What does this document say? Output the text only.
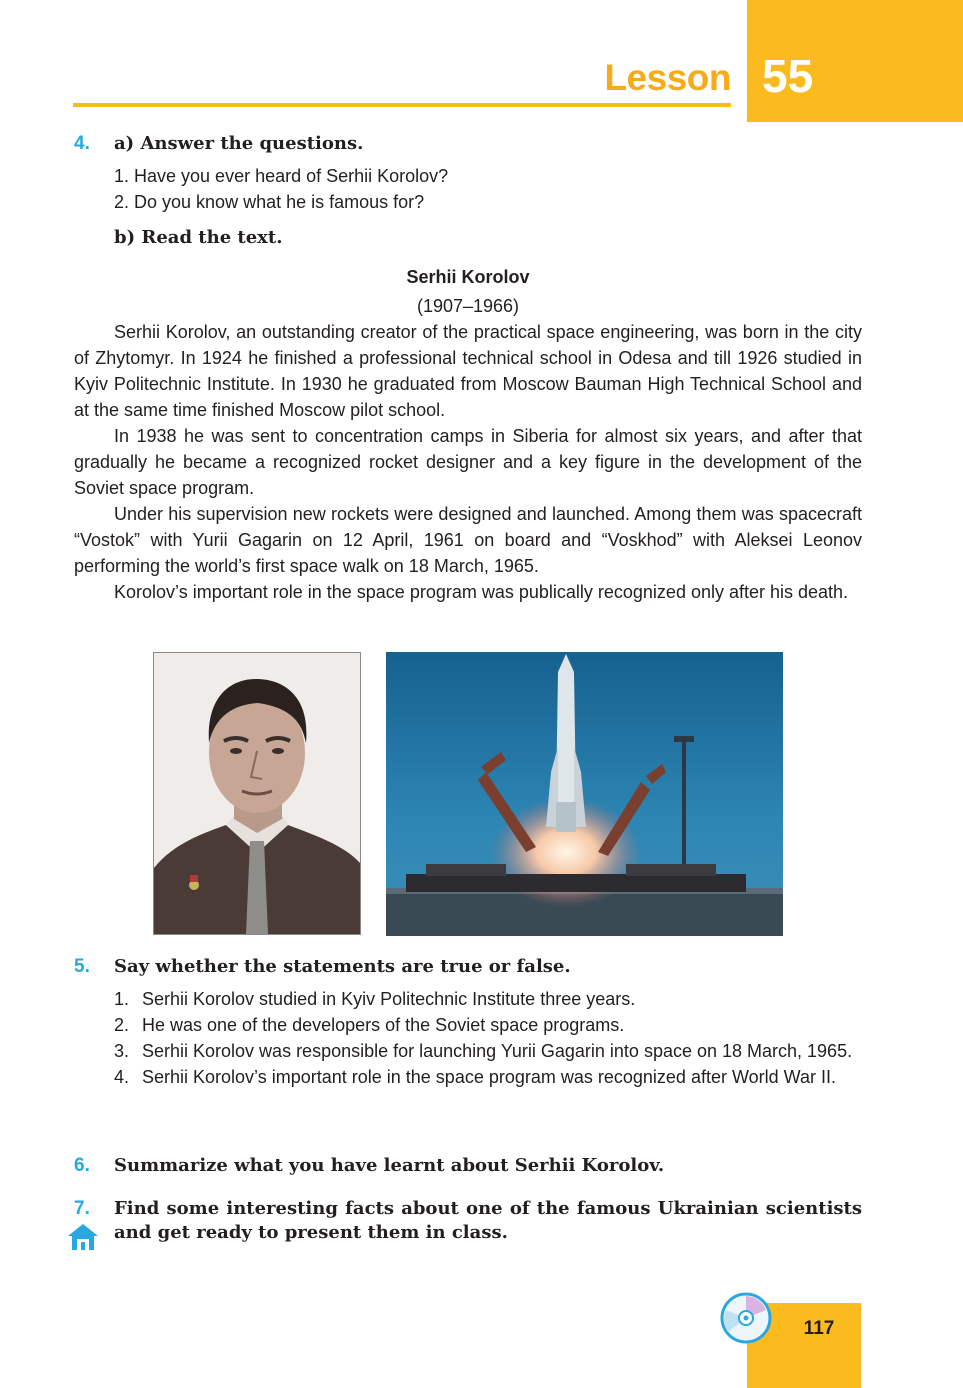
Lesson 55
4. a) Answer the questions.
1. Have you ever heard of Serhii Korolov?
2. Do you know what he is famous for?
b) Read the text.
Serhii Korolov
(1907–1966)

Serhii Korolov, an outstanding creator of the practical space engineering, was born in the city of Zhytomyr. In 1924 he finished a professional technical school in Odesa and till 1926 studied in Kyiv Politechnic Institute. In 1930 he graduated from Moscow Bauman High Technical School and at the same time finished Moscow pilot school.

In 1938 he was sent to concentration camps in Siberia for almost six years, and after that gradually he became a recognized rocket designer and a key figure in the development of the Soviet space program.

Under his supervision new rockets were designed and launched. Among them was spacecraft “Vostok” with Yurii Gagarin on 12 April, 1961 on board and “Voskhod” with Aleksei Leonov performing the world’s first space walk on 18 March, 1965.

Korolov’s important role in the space program was publically recognized only after his death.

5. Say whether the statements are true or false.
1. Serhii Korolov studied in Kyiv Politechnic Institute three years.
2. He was one of the developers of the Soviet space programs.
3. Serhii Korolov was responsible for launching Yurii Gagarin into space on 18 March, 1965.
4. Serhii Korolov’s important role in the space program was recognized after World War II.
6. Summarize what you have learnt about Serhii Korolov.
7. Find some interesting facts about one of the famous Ukrainian scientists and get ready to present them in class.
117
